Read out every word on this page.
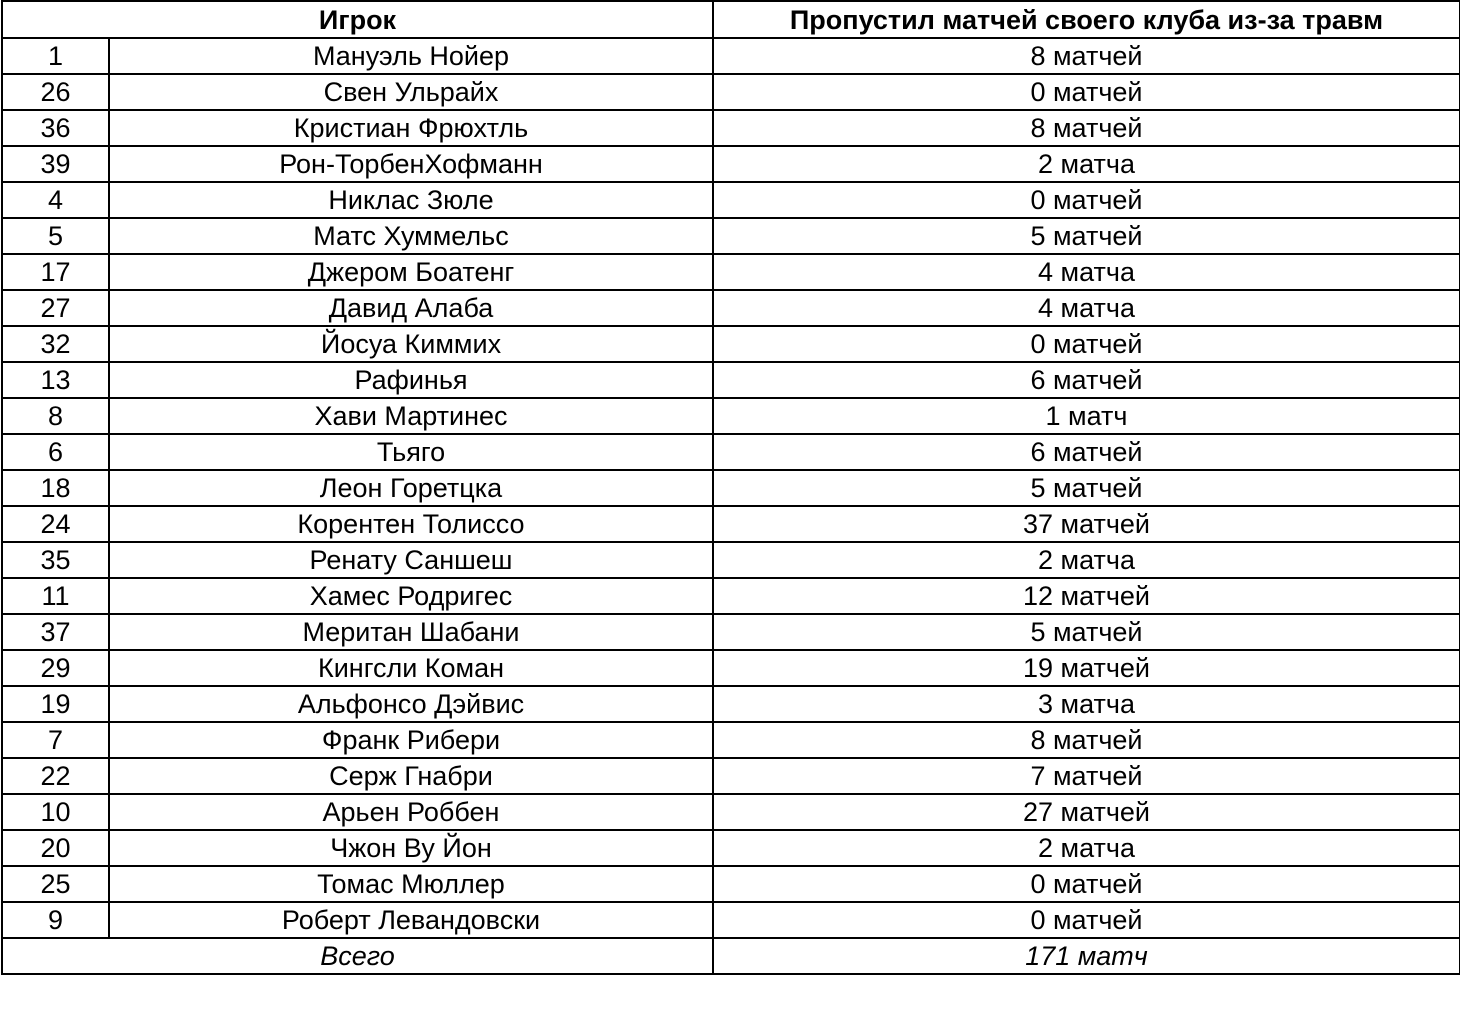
Игрок		Пропустил матчей своего клуба из-за травм
1	Мануэль Нойер	8 матчей
26	Свен Ульрайх	0 матчей
36	Кристиан Фрюхтль	8 матчей
39	Рон-ТорбенХофманн	2 матча
4	Никлас Зюле	0 матчей
5	Матс Хуммельс	5 матчей
17	Джером Боатенг	4 матча
27	Давид Алаба	4 матча
32	Йосуа Киммих	0 матчей
13	Рафинья	6 матчей
8	Хави Мартинес	1 матч
6	Тьяго	6 матчей
18	Леон Горетцка	5 матчей
24	Корентен Толиссо	37 матчей
35	Ренату Саншеш	2 матча
11	Хамес Родригес	12 матчей
37	Меритан Шабани	5 матчей
29	Кингсли Коман	19 матчей
19	Альфонсо Дэйвис	3 матча
7	Франк Рибери	8 матчей
22	Серж Гнабри	7 матчей
10	Арьен Роббен	27 матчей
20	Чжон Ву Йон	2 матча
25	Томас Мюллер	0 матчей
9	Роберт Левандовски	0 матчей
Всего		171 матч
